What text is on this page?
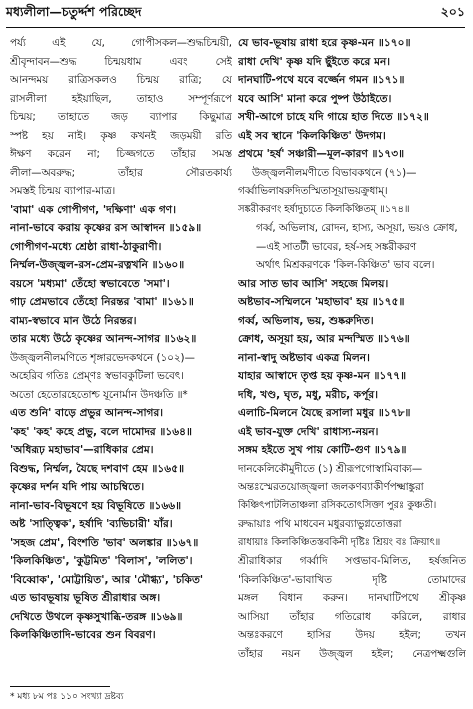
মধ্যলীলা—চতুর্দ্দশ পরিচ্ছেদ	২০১
পর্য্য এই যে, গোপীসকল—শুদ্ধচিন্ময়ী,
শ্রীবৃন্দাবন—শুদ্ধ চিন্ময়ধাম এবং সেই
আনন্দময় রাত্রিসকলও চিন্ময় রাত্রি; যে
রাসলীলা হইয়াছিল, তাহাও সম্পূর্ণরূপে
চিন্ময়; তাহাতে জড় ব্যাপার কিছুমাত্র
স্পষ্ট হয় নাই। কৃষ্ণ কখনই জড়ময়ী রতি
ঈক্ষণ করেন না; চিজ্জগতে তাঁহার সমস্ত
লীলা—অবরুদ্ধ; তাঁহার সৌরতকার্য্য
সমস্তই চিন্ময় ব্যাপার-মাত্র।
'বামা' এক গোপীগণ, 'দক্ষিণা' এক গণ।
নানা-ভাবে করায় কৃষ্ণের রস আস্বাদন ॥১৫৯॥
গোপীগণ-মধ্যে শ্রেষ্ঠা রাধা-ঠাকুরাণী।
নির্ম্মল-উজ্জ্বল-রস-প্রেম-রত্নখনি ॥১৬০॥
বয়সে 'মধ্যমা' তেঁহো স্বভাবেতে 'সমা'।
গাঢ় প্রেমভাবে তেঁহো নিরন্তর 'বামা' ॥১৬১॥
বাম্য-স্বভাবে মান উঠে নিরন্তর।
তার মধ্যে উঠে কৃষ্ণের আনন্দ-সাগর ॥১৬২॥
উজ্জ্বলনীলমণিতে শৃঙ্গারভেদকথনে (১০২)—
অহেরিব গতিঃ প্রেম্ণঃ স্বভাবকুটিলা ভবেৎ।
অতো হেতোরহেতোশ্চ যূনোর্মান উদঞ্চতি ॥*
এত শুনি' বাড়ে প্রভুর আনন্দ-সাগর।
'কহ' 'কহ' কহে প্রভু, বলে দামোদর ॥১৬৪॥
'অধিরূঢ় মহাভাব'—রাধিকার প্রেম।
বিশুদ্ধ, নির্ম্মল, যৈছে দশবাণ হেম ॥১৬৫॥
কৃষ্ণের দর্শন যদি পায় আচম্বিতে।
নানা-ভাব-বিভূষণে হয় বিভূষিতে ॥১৬৬॥
অষ্ট 'সাত্ত্বিক', হর্ষাদি 'ব্যভিচারী' যাঁর।
'সহজ প্রেম', বিংশতি 'ভাব' অলঙ্কার ॥১৬৭॥
'কিলকিঞ্চিত', 'কুট্টমিত' 'বিলাস', 'ললিত'।
'বিব্বোক', 'মোট্টায়িত', আর 'মৌগ্ধ্য', 'চকিত'
এত ভাবভূষায় ভূষিত শ্রীরাধার অঙ্গ।
দেখিতে উথলে কৃষ্ণসুখাব্ধি-তরঙ্গ ॥১৬৯॥
কিলকিঞ্চিতাদি-ভাবের শুন বিবরণ।
যে ভাব-ভূষায় রাধা হরে কৃষ্ণ-মন ॥১৭০॥
রাধা দেখি' কৃষ্ণ যদি ছুঁইতে করে মন।
দানঘাটি-পথে যবে বর্জ্জেন গমন ॥১৭১॥
যবে আসি' মানা করে পুষ্প উঠাইতে।
সখী-আগে চাহে যদি গায়ে হাত দিতে ॥১৭২॥
এই সব স্থানে 'কিলকিঞ্চিত' উদগম।
প্রথমে 'হর্ষ' সঞ্চারী—মূল-কারণ ॥১৭৩॥
উজ্জ্বলনীলমণীতে বিভাবকথনে (৭১)—
গর্ব্বাভিলাষরুদিতস্মিতাসূয়াভয়ক্রুধাম্।
সঙ্করীকরণং হর্ষাদুচ্যতে কিলকিঞ্চিতম্ ॥১৭৪॥
গর্ব্ব, অভিলাষ, রোদন, হাস্য, অসূয়া, ভয়ও ক্রোধ,
—এই সাতটী ভাবের, হর্ষ-সহ সঙ্করীকরণ
অর্থাৎ মিশ্রকরণকে 'কিল-কিঞ্চিত' ভাব বলে।
আর সাত ভাব আসি' সহজে মিলয়।
অষ্টভাব-সম্মিলনে 'মহাভাব' হয় ॥১৭৫॥
গর্ব্ব, অভিলাষ, ভয়, শুষ্করুদিত।
ক্রোধ, অসূয়া হয়, আর মন্দস্মিত ॥১৭৬॥
নানা-স্বাদু অষ্টভাব একত্র মিলন।
যাহার আস্বাদে তৃপ্ত হয় কৃষ্ণ-মন ॥১৭৭॥
দধি, খণ্ড, ঘৃত, মধু, মরীচ, কর্পূর।
এলাচি-মিলনে যৈছে রসালা মধুর ॥১৭৮॥
এই ভাব-যুক্ত দেখি' রাধাস্য-নয়ন।
সঙ্গম হইতে সুখ পায় কোটি-গুণ ॥১৭৯॥
দানকেলিকৌমুদীতে (১) শ্রীরূপগোস্বামিবাক্য—
অন্তঃস্মেরতয়োজ্জ্বলা জলকণব্যাকীর্ণপক্ষ্মাঙ্কুরা
কিঞ্চিৎপাটলিতাঞ্চলা রসিকতোৎসিক্তা পুরঃ কুঞ্চতী।
রুদ্ধায়াঃ পথি মাধবেন মধুরব্যাভুগ্নতোত্তরা
রাধায়াঃ কিলকিঞ্চিতস্তবকিনী দৃষ্টিঃ শ্রিয়ং বঃ ক্রিয়াৎ॥
শ্রীরাধিকার গর্ব্বাদি সপ্তভাব-মিলিত, হর্ষজনিত
'কিলকিঞ্চিত'-ভাবাখিত দৃষ্টি তোমাদের
মঙ্গল বিধান করুন। দানঘাটিপথে শ্রীকৃষ্ণ
আসিয়া তাঁহার গতিরোধ করিলে, রাধার
অন্তঃকরণে হাসির উদয় হইল; তখন
তাঁহার নয়ন উজ্জ্বল হইল; নেত্রপক্ষ্মগুলি
* মধ্য ৮ম পঃ ১১০ সংখ্যা দ্রষ্টব্য
